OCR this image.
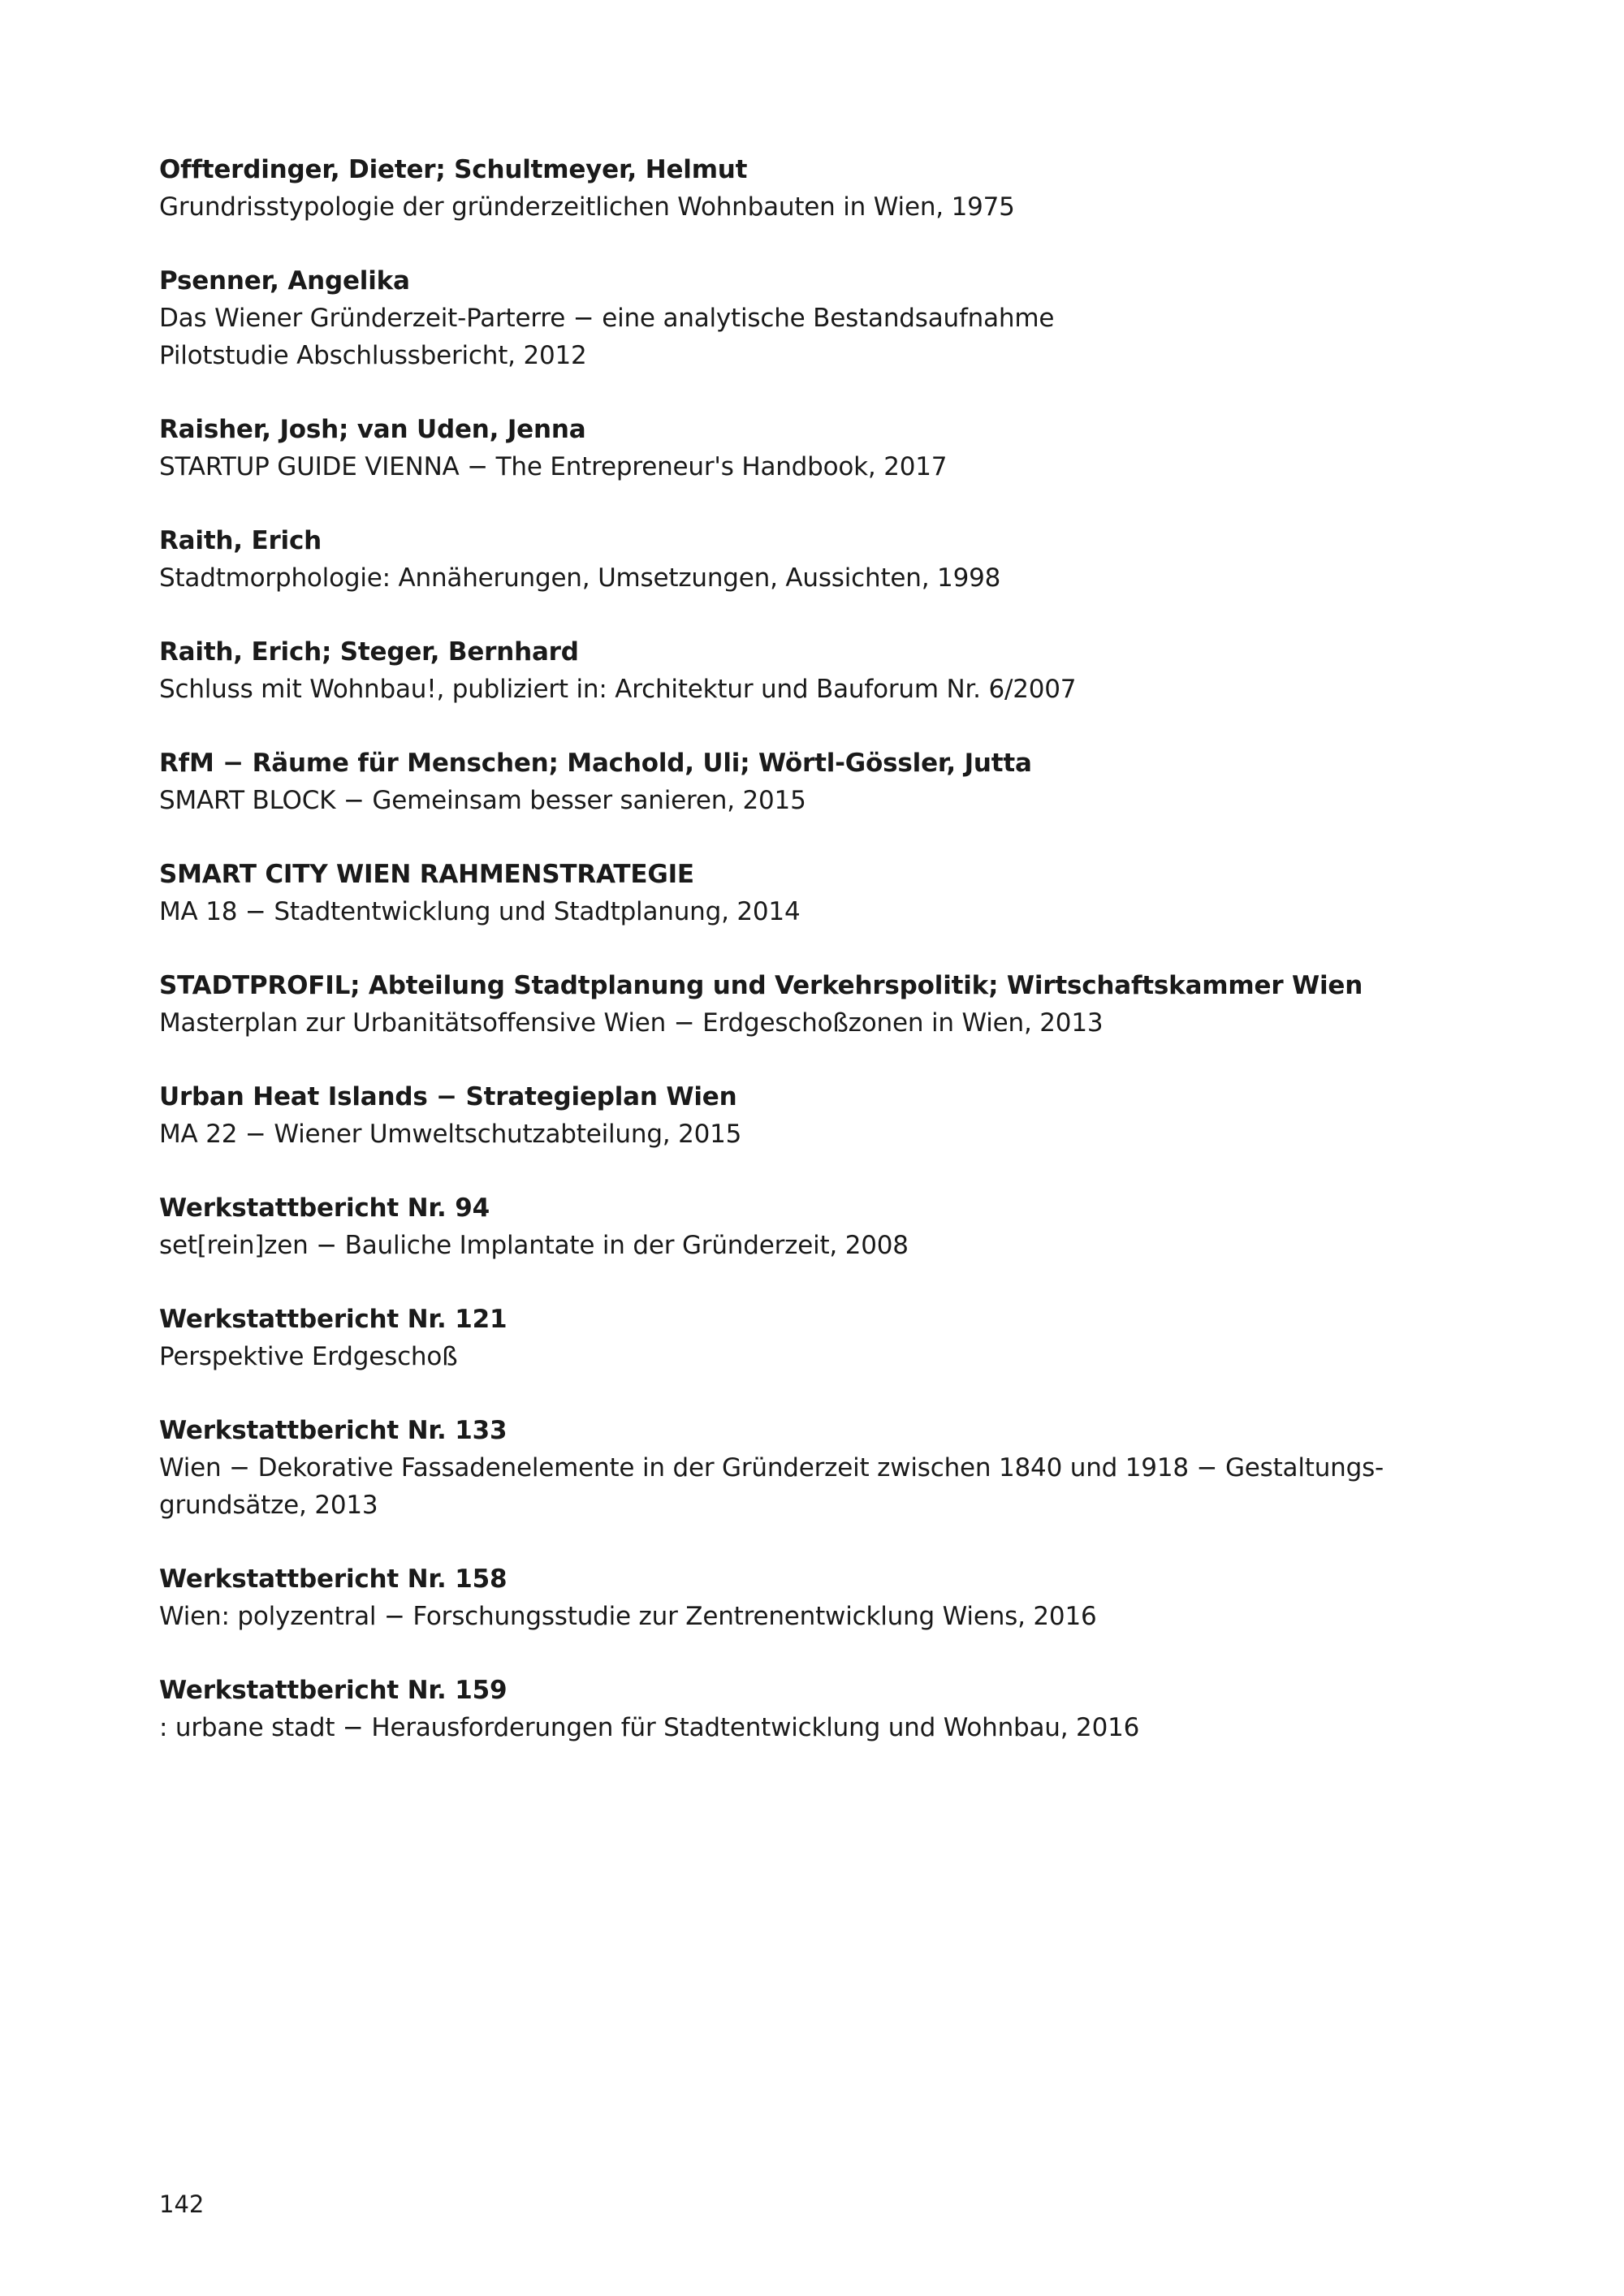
Offterdinger, Dieter; Schultmeyer, Helmut
Grundrisstypologie der gründerzeitlichen Wohnbauten in Wien, 1975
Psenner, Angelika
Das Wiener Gründerzeit-Parterre − eine analytische Bestandsaufnahme
Pilotstudie Abschlussbericht, 2012
Raisher, Josh; van Uden, Jenna
STARTUP GUIDE VIENNA − The Entrepreneur's Handbook, 2017
Raith, Erich
Stadtmorphologie: Annäherungen, Umsetzungen, Aussichten, 1998
Raith, Erich; Steger, Bernhard
Schluss mit Wohnbau!, publiziert in: Architektur und Bauforum Nr. 6/2007
RfM − Räume für Menschen; Machold, Uli; Wörtl-Gössler, Jutta
SMART BLOCK − Gemeinsam besser sanieren, 2015
SMART CITY WIEN RAHMENSTRATEGIE
MA 18 − Stadtentwicklung und Stadtplanung, 2014
STADTPROFIL; Abteilung Stadtplanung und Verkehrspolitik; Wirtschaftskammer Wien
Masterplan zur Urbanitätsoffensive Wien − Erdgeschoßzonen in Wien, 2013
Urban Heat Islands − Strategieplan Wien
MA 22 − Wiener Umweltschutzabteilung, 2015
Werkstattbericht Nr. 94
set[rein]zen − Bauliche Implantate in der Gründerzeit, 2008
Werkstattbericht Nr. 121
Perspektive Erdgeschoß
Werkstattbericht Nr. 133
Wien − Dekorative Fassadenelemente in der Gründerzeit zwischen 1840 und 1918 − Gestaltungs-
grundsätze, 2013
Werkstattbericht Nr. 158
Wien: polyzentral − Forschungsstudie zur Zentrenentwicklung Wiens, 2016
Werkstattbericht Nr. 159
: urbane stadt − Herausforderungen für Stadtentwicklung und Wohnbau, 2016
142
